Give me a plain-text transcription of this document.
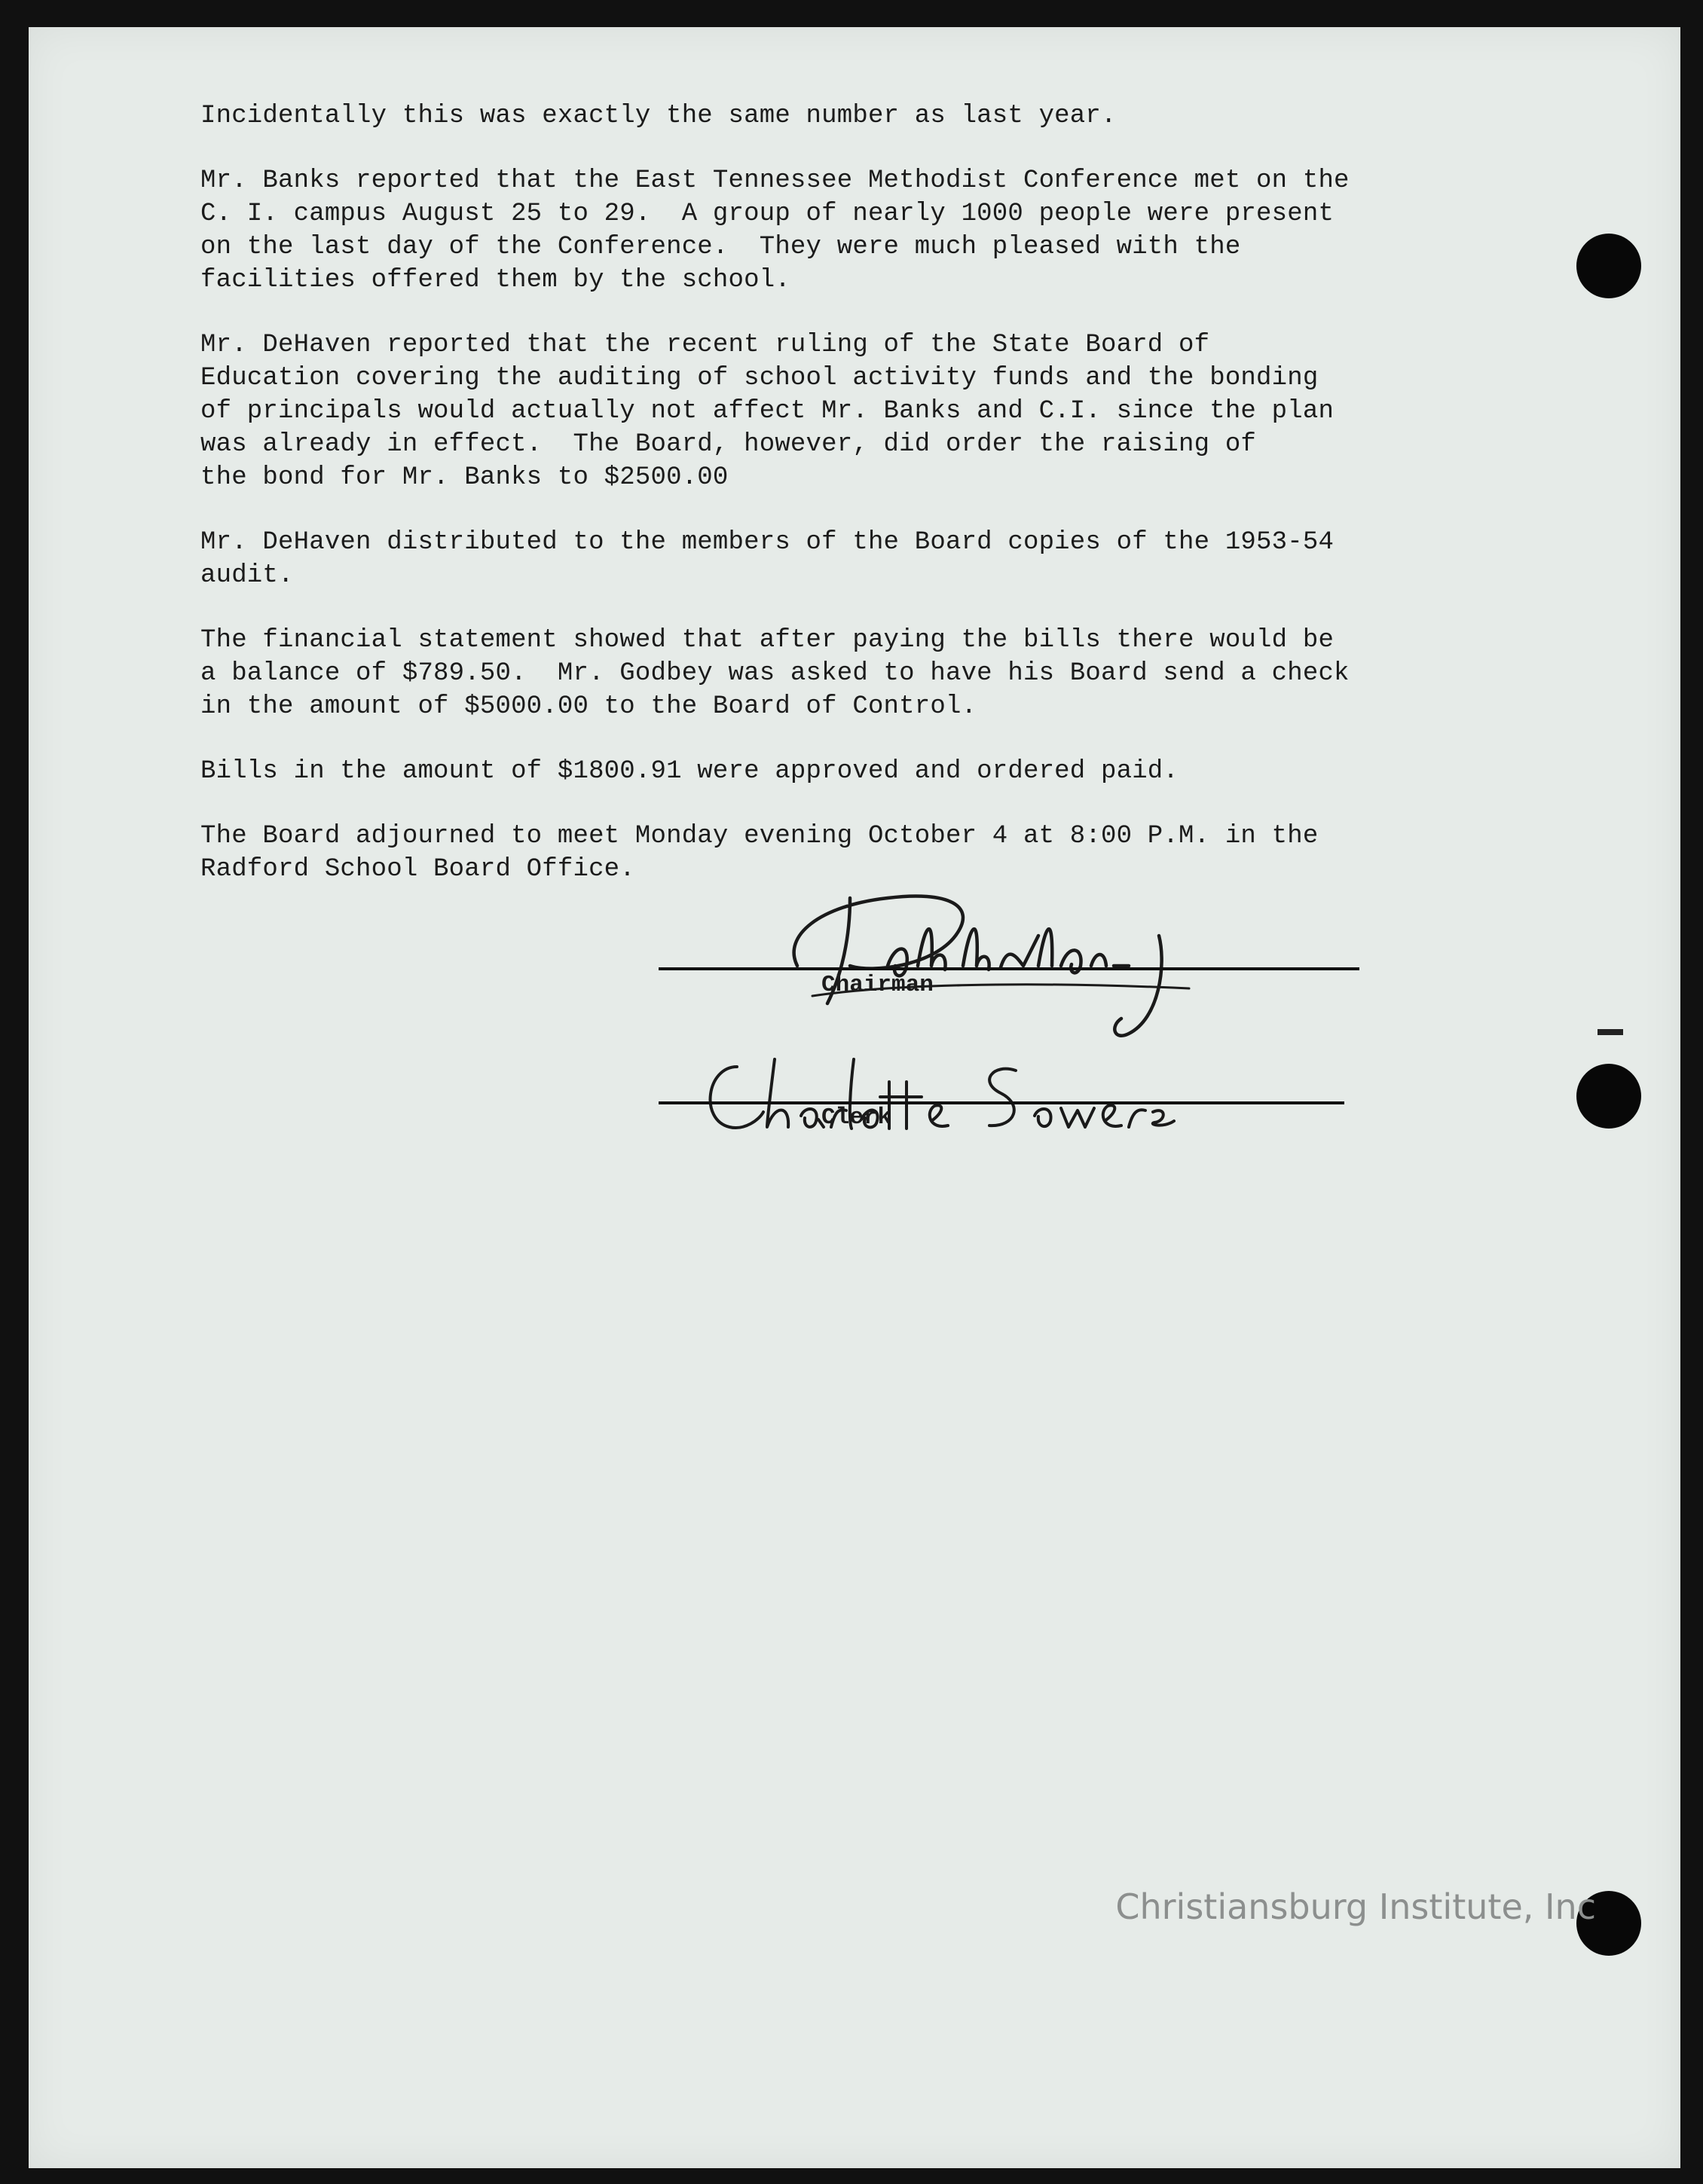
Incidentally this was exactly the same number as last year.

Mr. Banks reported that the East Tennessee Methodist Conference met on the
C. I. campus August 25 to 29.  A group of nearly 1000 people were present
on the last day of the Conference.  They were much pleased with the
facilities offered them by the school.

Mr. DeHaven reported that the recent ruling of the State Board of
Education covering the auditing of school activity funds and the bonding
of principals would actually not affect Mr. Banks and C.I. since the plan
was already in effect.  The Board, however, did order the raising of
the bond for Mr. Banks to $2500.00

Mr. DeHaven distributed to the members of the Board copies of the 1953-54
audit.

The financial statement showed that after paying the bills there would be
a balance of $789.50.  Mr. Godbey was asked to have his Board send a check
in the amount of $5000.00 to the Board of Control.

Bills in the amount of $1800.91 were approved and ordered paid.

The Board adjourned to meet Monday evening October 4 at 8:00 P.M. in the
Radford School Board Office.

Chairman
Clerk
Christiansburg Institute, Inc
